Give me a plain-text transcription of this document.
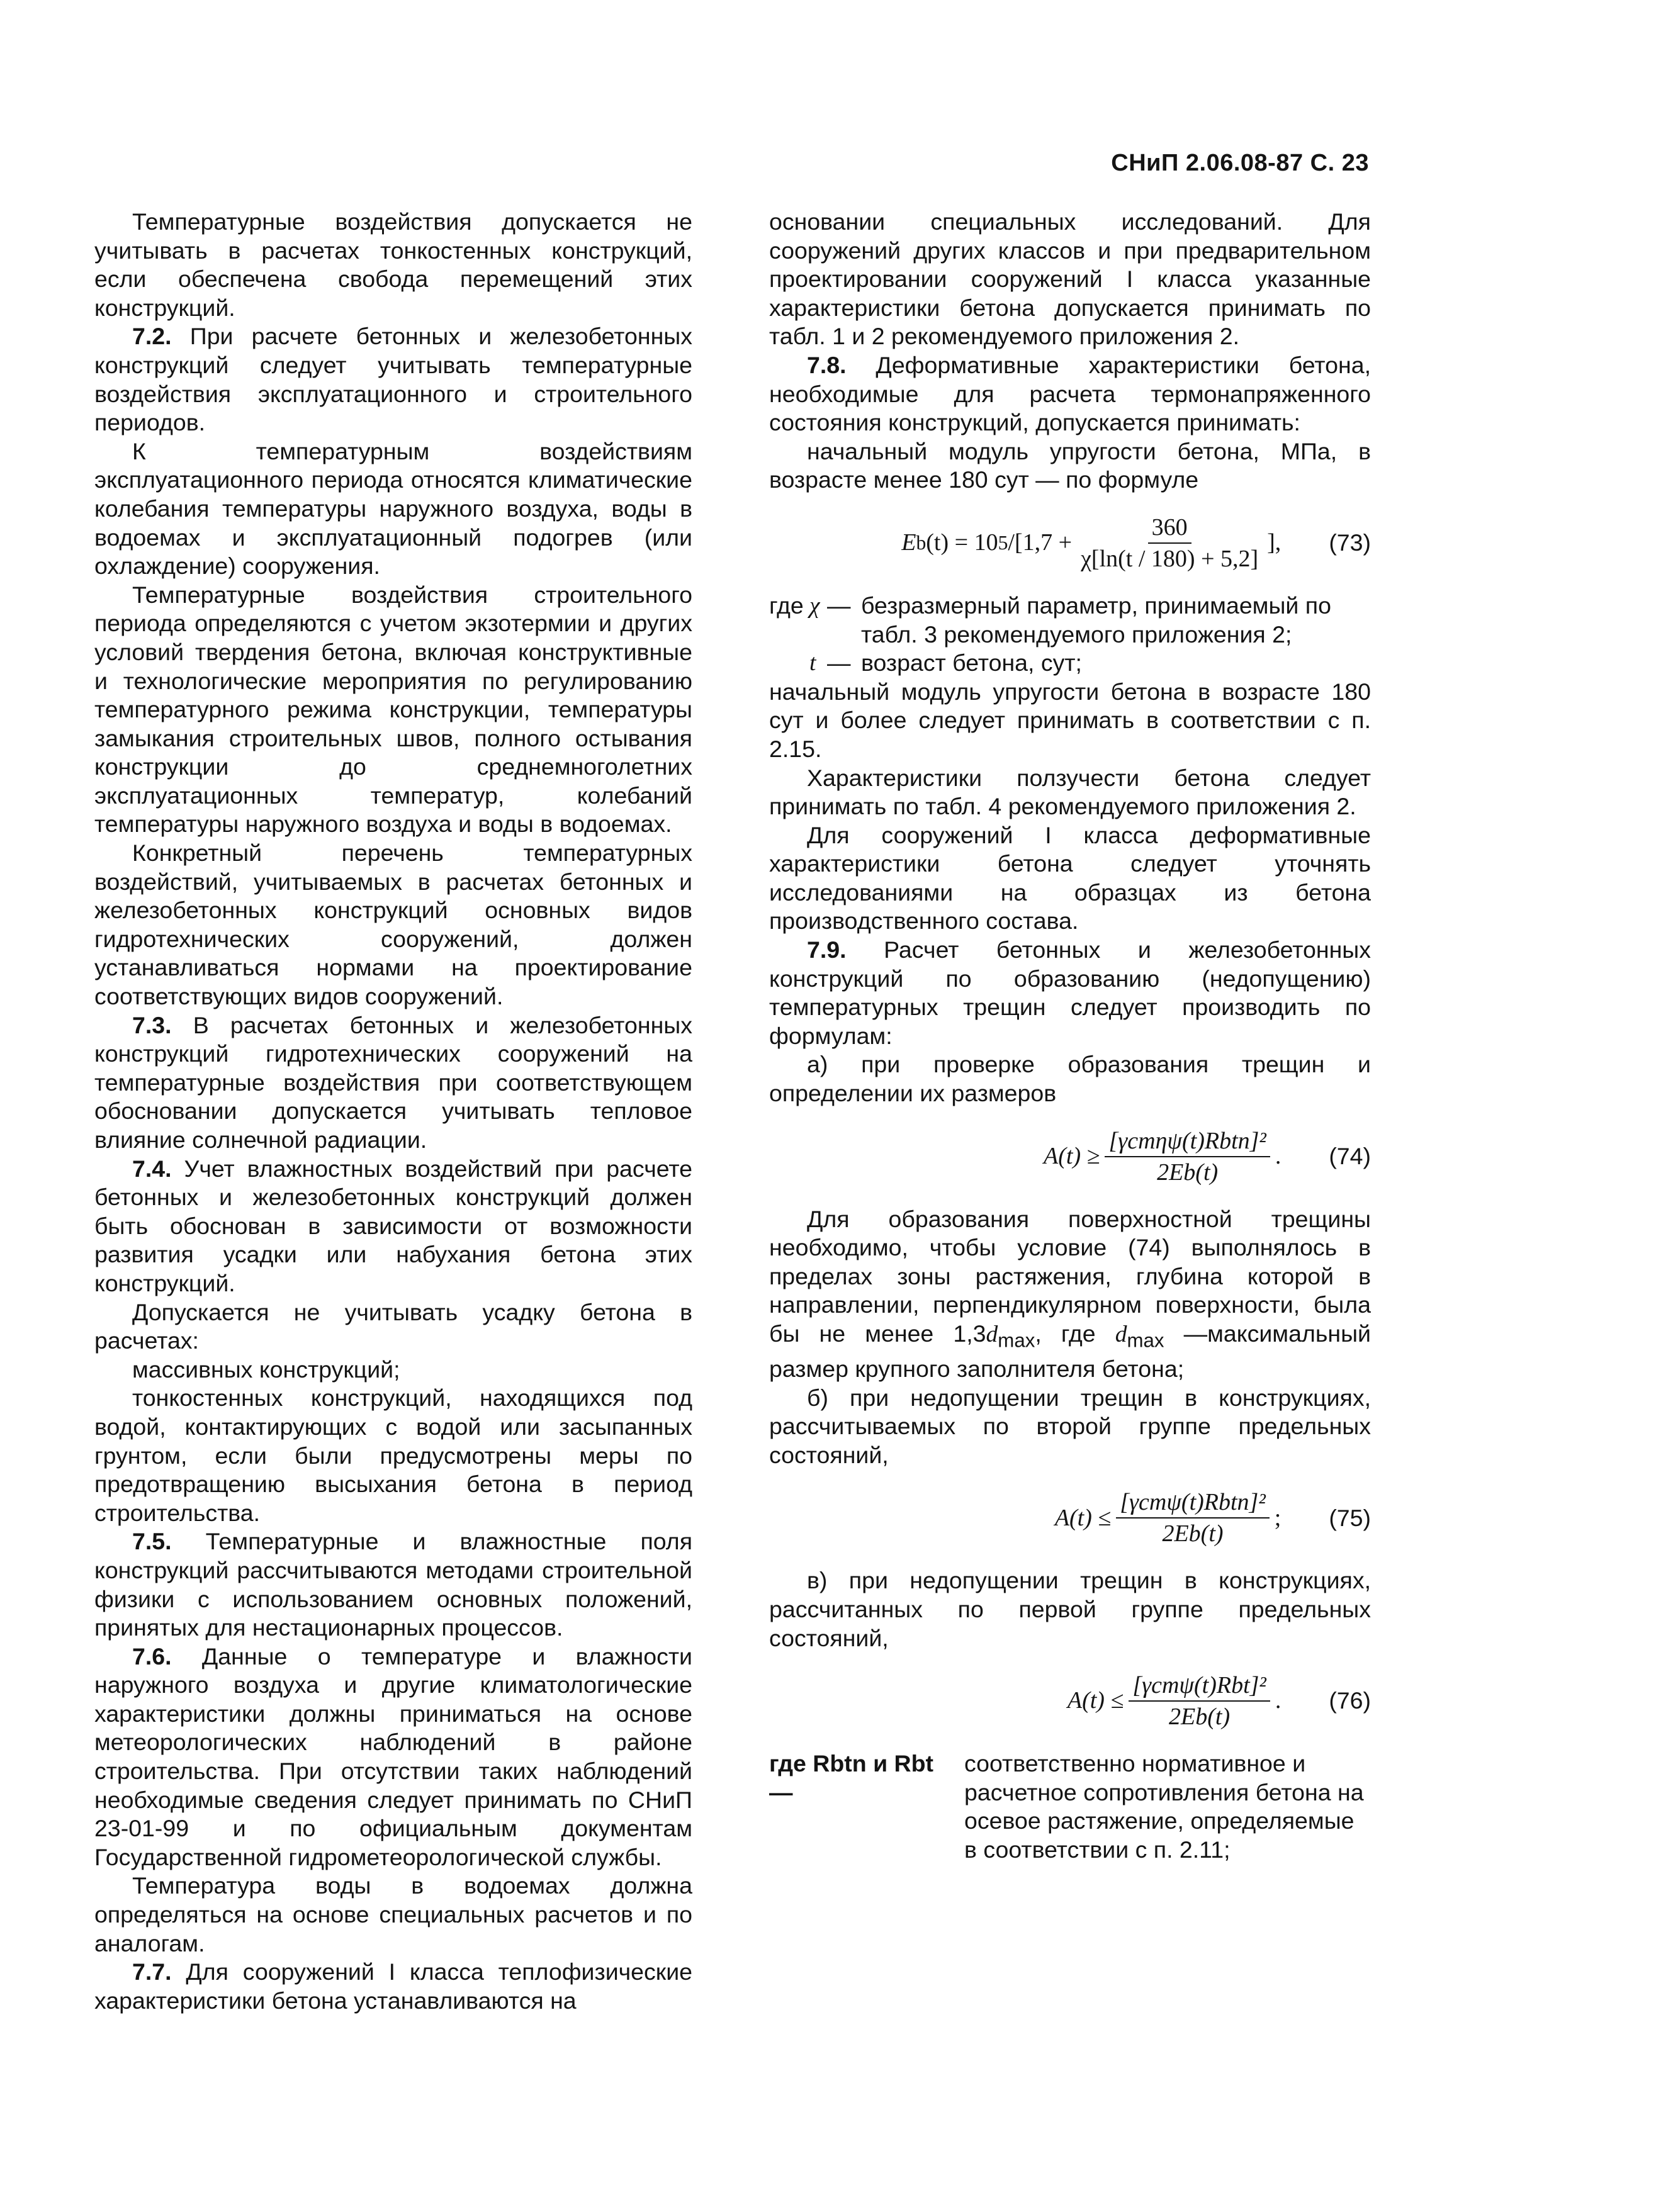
СНиП 2.06.08-87 С. 23

Температурные воздействия допускается не учитывать в расчетах тонкостенных конструкций, если обеспечена свобода перемещений этих конструкций.

7.2. При расчете бетонных и железобетонных конструкций следует учитывать температурные воздействия эксплуатационного и строительного периодов.

К температурным воздействиям эксплуатационного периода относятся климатические колебания температуры наружного воздуха, воды в водоемах и эксплуатационный подогрев (или охлаждение) сооружения.

Температурные воздействия строительного периода определяются с учетом экзотермии и других условий твердения бетона, включая конструктивные и технологические мероприятия по регулированию температурного режима конструкции, температуры замыкания строительных швов, полного остывания конструкции до среднемноголетних эксплуатационных температур, колебаний температуры наружного воздуха и воды в водоемах.

Конкретный перечень температурных воздействий, учитываемых в расчетах бетонных и железобетонных конструкций основных видов гидротехнических сооружений, должен устанавливаться нормами на проектирование соответствующих видов сооружений.

7.3. В расчетах бетонных и железобетонных конструкций гидротехнических сооружений на температурные воздействия при соответствующем обосновании допускается учитывать тепловое влияние солнечной радиации.

7.4. Учет влажностных воздействий при расчете бетонных и железобетонных конструкций должен быть обоснован в зависимости от возможности развития усадки или набухания бетона этих конструкций.

Допускается не учитывать усадку бетона в расчетах:

массивных конструкций;

тонкостенных конструкций, находящихся под водой, контактирующих с водой или засыпанных грунтом, если были предусмотрены меры по предотвращению высыхания бетона в период строительства.

7.5. Температурные и влажностные поля конструкций рассчитываются методами строительной физики с использованием основных положений, принятых для нестационарных процессов.

7.6. Данные о температуре и влажности наружного воздуха и другие климатологические характеристики должны приниматься на основе метеорологических наблюдений в районе строительства. При отсутствии таких наблюдений необходимые сведения следует принимать по СНиП 23-01-99 и по официальным документам Государственной гидрометеорологической службы.

Температура воды в водоемах должна определяться на основе специальных расчетов и по аналогам.

7.7. Для сооружений I класса теплофизические характеристики бетона устанавливаются на

основании специальных исследований. Для сооружений других классов и при предварительном проектировании сооружений I класса указанные характеристики бетона допускается принимать по табл. 1 и 2 рекомендуемого приложения 2.

7.8. Деформативные характеристики бетона, необходимые для расчета термонапряженного состояния конструкций, допускается принимать:

начальный модуль упругости бетона, МПа, в возрасте менее 180 сут — по формуле

E b (t) = 10 5 $/[1,7 + \frac{360}{\chi[\ln(t / 180) + 5,2]}$ ], (73)
где χ — безразмерный параметр, принимаемый по табл. 3 рекомендуемого приложения 2;
t — возраст бетона, сут;

начальный модуль упругости бетона в возрасте 180 сут и более следует принимать в соответствии с п. 2.15.

Характеристики ползучести бетона следует принимать по табл. 4 рекомендуемого приложения 2.

Для сооружений I класса деформативные характеристики бетона следует уточнять исследованиями на образцах из бетона производственного состава.

7.9. Расчет бетонных и железобетонных конструкций по образованию (недопущению) температурных трещин следует производить по формулам:

а) при проверке образования трещин и определении их размеров

$A(t) \ge \frac{\text{[γcmηψ(t)Rbtn]²}}{2Eb(t)}$ . (74)

Для образования поверхностной трещины необходимо, чтобы условие (74) выполнялось в пределах зоны растяжения, глубина которой в направлении, перпендикулярном поверхности, была бы не менее $1,3d_{max}$, где $d_{max}$ —максимальный размер крупного заполнителя бетона;

б) при недопущении трещин в конструкциях, рассчитываемых по второй группе предельных состояний,

$A(t) \le \frac{\text{[γcmψ(t)Rbtn]²}}{2Eb(t)}$ ; (75)

в) при недопущении трещин в конструкциях, рассчитанных по первой группе предельных состояний,

$A(t) \le \frac{\text{[γcmψ(t)Rbt]²}}{2Eb(t)}$ . (76)
где Rbtn и Rbt —
соответственно нормативное и расчетное сопротивления бетона на осевое растяжение, определяемые в соответствии с п. 2.11;
